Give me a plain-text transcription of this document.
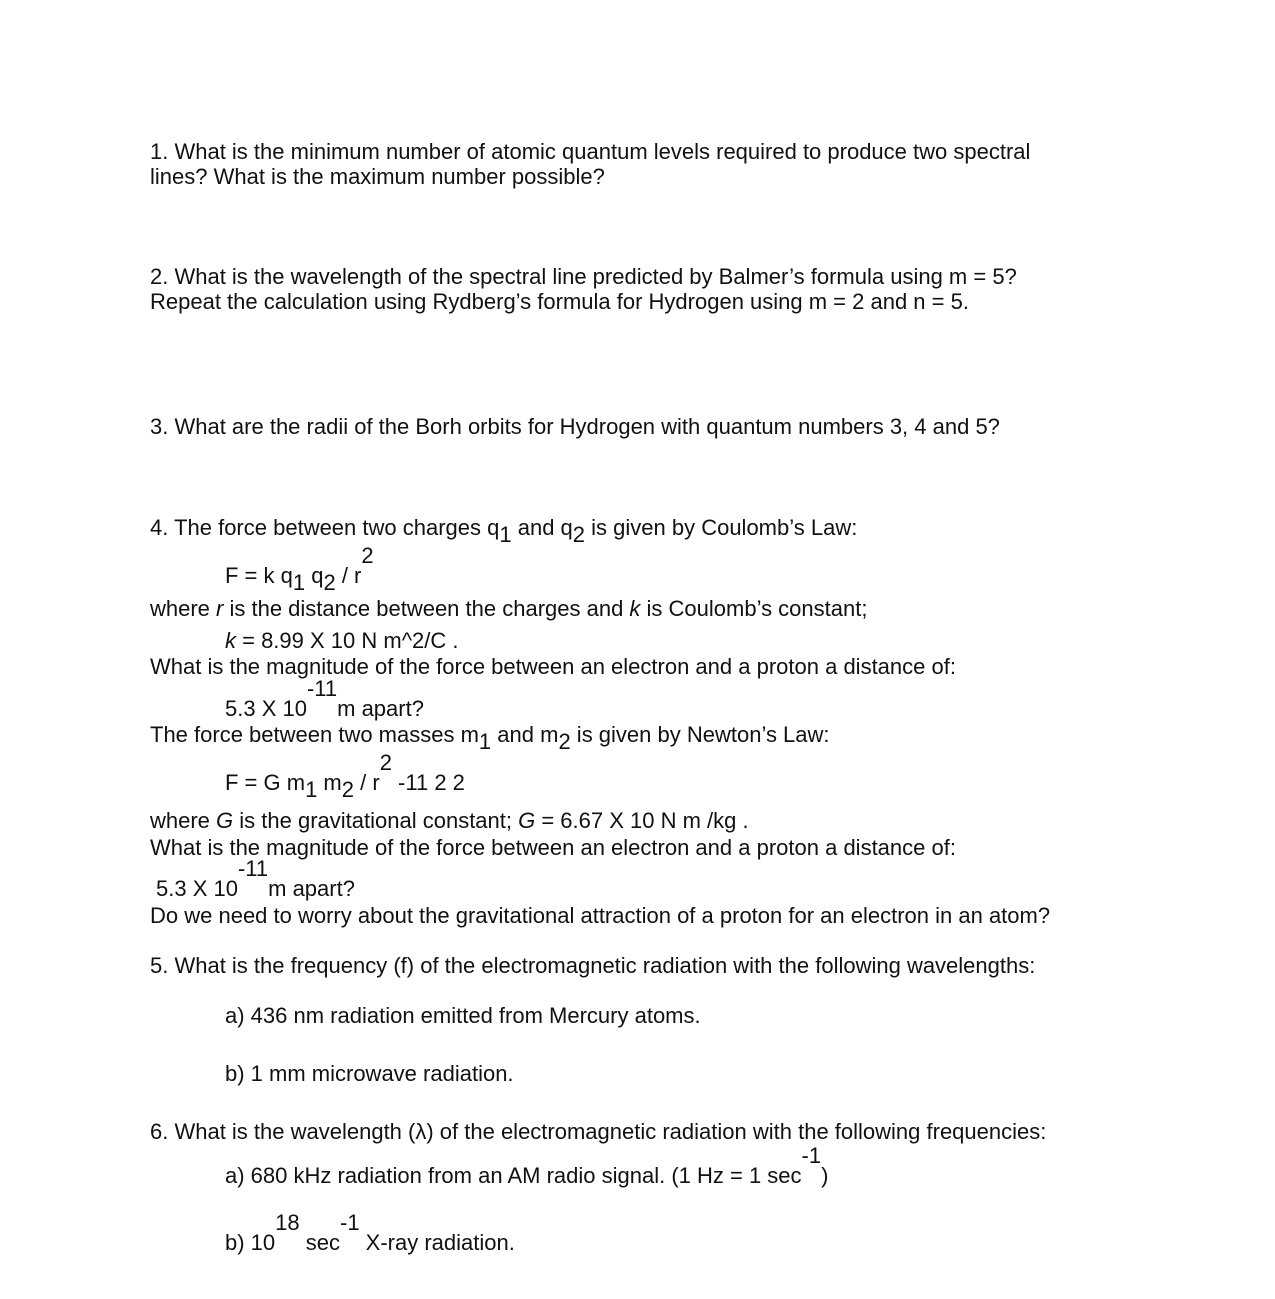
1. What is the minimum number of atomic quantum levels required to produce two spectral
lines? What is the maximum number possible?
2. What is the wavelength of the spectral line predicted by Balmer’s formula using m = 5?
Repeat the calculation using Rydberg’s formula for Hydrogen using m = 2 and n = 5.
3. What are the radii of the Borh orbits for Hydrogen with quantum numbers 3, 4 and 5?
4. The force between two charges q1 and q2 is given by Coulomb’s Law:
F = k q1 q2 / r2
where r is the distance between the charges and k is Coulomb’s constant;
k = 8.99 X 10 N m^2/C .
What is the magnitude of the force between an electron and a proton a distance of:
5.3 X 10-11m apart?
The force between two masses m1 and m2 is given by Newton’s Law:
F = G m1 m2 / r2 -11 2 2
where G is the gravitational constant; G = 6.67 X 10 N m /kg .
What is the magnitude of the force between an electron and a proton a distance of:
5.3 X 10-11m apart?
Do we need to worry about the gravitational attraction of a proton for an electron in an atom?
5. What is the frequency (f) of the electromagnetic radiation with the following wavelengths:
a) 436 nm radiation emitted from Mercury atoms.
b) 1 mm microwave radiation.
6. What is the wavelength (λ) of the electromagnetic radiation with the following frequencies:
a) 680 kHz radiation from an AM radio signal. (1 Hz = 1 sec-1)
b) 1018 sec-1 X-ray radiation.
